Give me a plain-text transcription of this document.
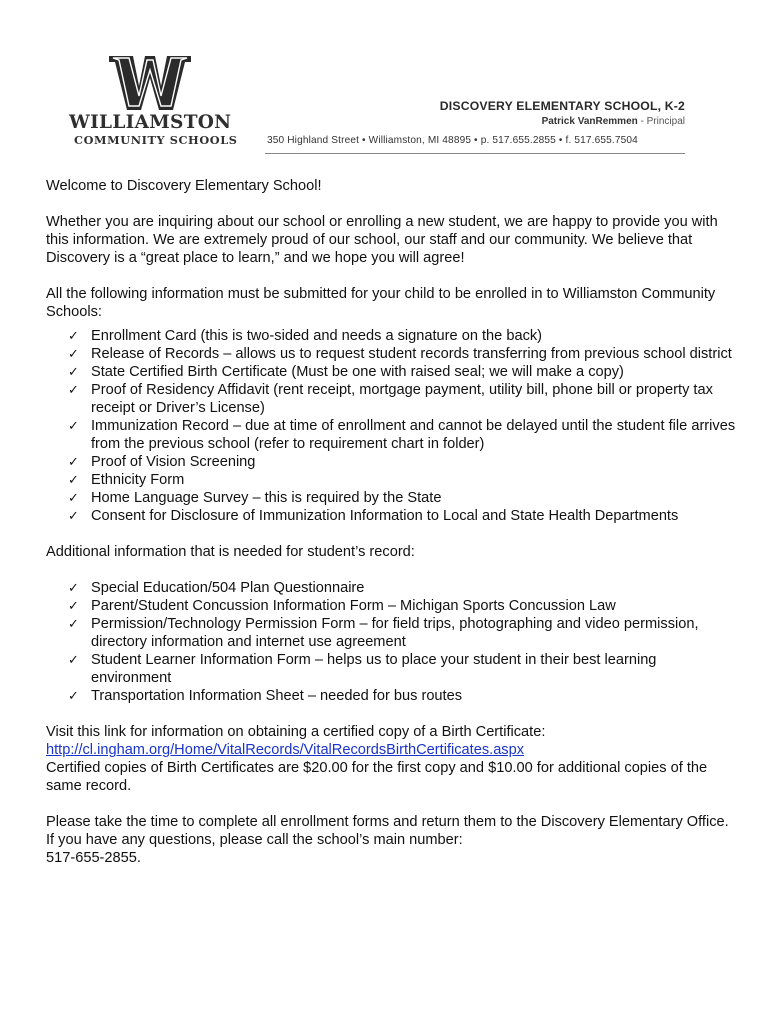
WILLIAMSTON
COMMUNITY SCHOOLS
DISCOVERY ELEMENTARY SCHOOL, K-2
Patrick VanRemmen - Principal
350 Highland Street • Williamston, MI 48895 • p. 517.655.2855 • f. 517.655.7504

Welcome to Discovery Elementary School!

Whether you are inquiring about our school or enrolling a new student, we are happy to provide you with this information. We are extremely proud of our school, our staff and our community. We believe that Discovery is a “great place to learn,” and we hope you will agree!

All the following information must be submitted for your child to be enrolled in to Williamston Community Schools:

✓ Enrollment Card (this is two-sided and needs a signature on the back)
✓ Release of Records – allows us to request student records transferring from previous school district
✓ State Certified Birth Certificate (Must be one with raised seal; we will make a copy)
✓ Proof of Residency Affidavit (rent receipt, mortgage payment, utility bill, phone bill or property tax receipt or Driver’s License)
✓ Immunization Record – due at time of enrollment and cannot be delayed until the student file arrives from the previous school (refer to requirement chart in folder)
✓ Proof of Vision Screening
✓ Ethnicity Form
✓ Home Language Survey – this is required by the State
✓ Consent for Disclosure of Immunization Information to Local and State Health Departments

Additional information that is needed for student’s record:

✓ Special Education/504 Plan Questionnaire
✓ Parent/Student Concussion Information Form – Michigan Sports Concussion Law
✓ Permission/Technology Permission Form – for field trips, photographing and video permission, directory information and internet use agreement
✓ Student Learner Information Form – helps us to place your student in their best learning environment
✓ Transportation Information Sheet – needed for bus routes

Visit this link for information on obtaining a certified copy of a Birth Certificate:

http://cl.ingham.org/Home/VitalRecords/VitalRecordsBirthCertificates.aspx

Certified copies of Birth Certificates are $20.00 for the first copy and $10.00 for additional copies of the same record.

Please take the time to complete all enrollment forms and return them to the Discovery Elementary Office. If you have any questions, please call the school’s main number:

517-655-2855.
